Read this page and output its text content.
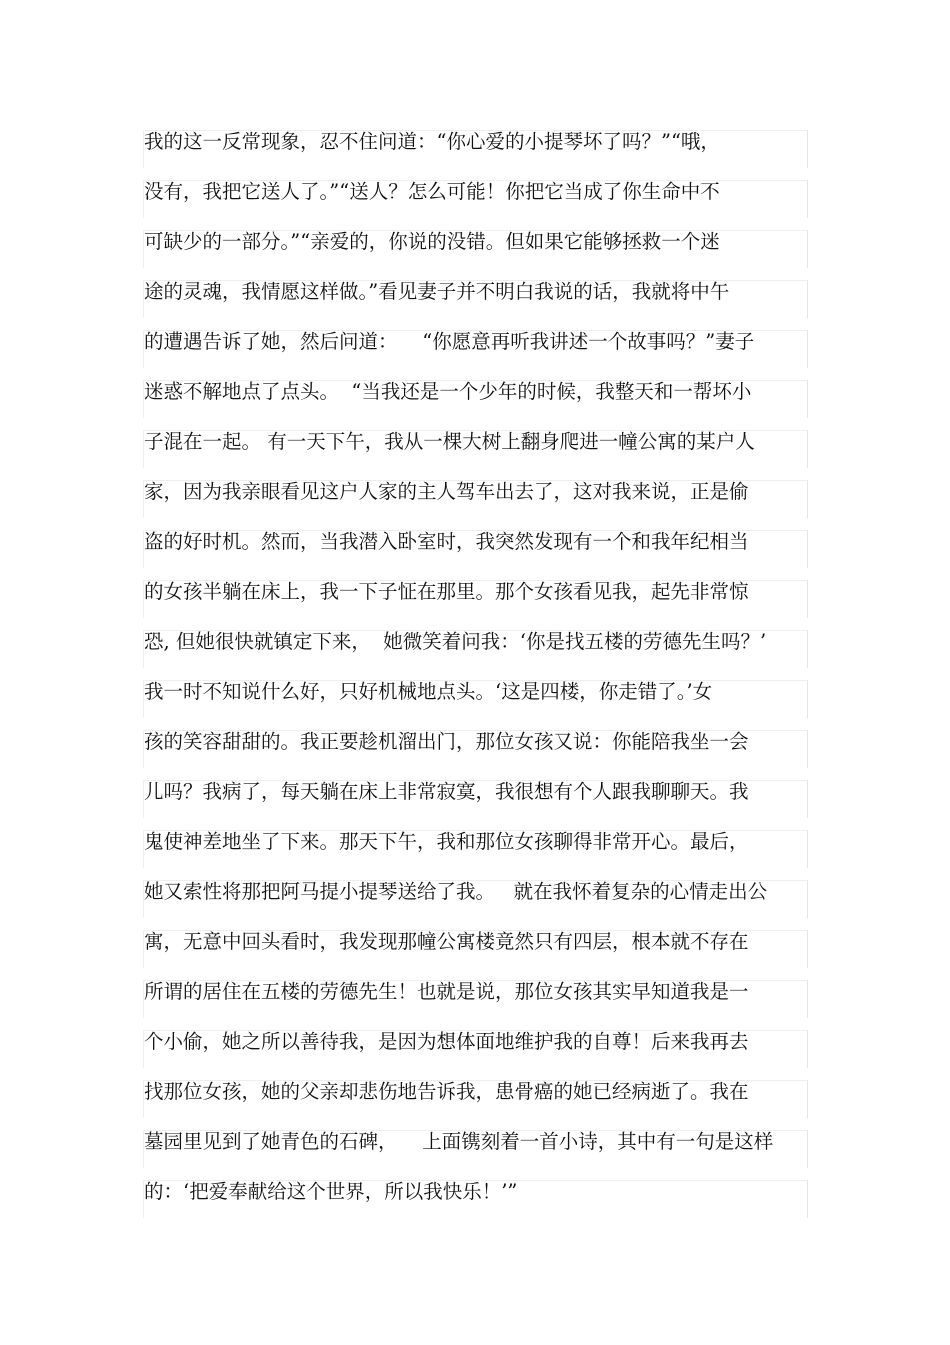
我的这一反常现象，忍不住问道：“你心爱的小提琴坏了吗？”“哦，
没有，我把它送人了。”“送人？怎么可能！你把它当成了你生命中不
可缺少的一部分。”“亲爱的，你说的没错。但如果它能够拯救一个迷
途的灵魂，我情愿这样做。”看见妻子并不明白我说的话，我就将中午
的遭遇告诉了她，然后问道：    “你愿意再听我讲述一个故事吗？”妻子
迷惑不解地点了点头。  “当我还是一个少年的时候，我整天和一帮坏小
子混在一起。 有一天下午，我从一棵大树上翻身爬进一幢公寓的某户人
家，因为我亲眼看见这户人家的主人驾车出去了，这对我来说，正是偷
盗的好时机。然而，当我潜入卧室时，我突然发现有一个和我年纪相当
的女孩半躺在床上，我一下子怔在那里。那个女孩看见我，起先非常惊
恐, 但她很快就镇定下来，  她微笑着问我：‘你是找五楼的劳德先生吗？’
我一时不知说什么好，只好机械地点头。‘这是四楼，你走错了。’女
孩的笑容甜甜的。我正要趁机溜出门，那位女孩又说：你能陪我坐一会
儿吗？我病了，每天躺在床上非常寂寞，我很想有个人跟我聊聊天。我
鬼使神差地坐了下来。那天下午，我和那位女孩聊得非常开心。最后，
她又索性将那把阿马提小提琴送给了我。   就在我怀着复杂的心情走出公
寓，无意中回头看时，我发现那幢公寓楼竟然只有四层，根本就不存在
所谓的居住在五楼的劳德先生！也就是说，那位女孩其实早知道我是一
个小偷，她之所以善待我，是因为想体面地维护我的自尊！后来我再去
找那位女孩，她的父亲却悲伤地告诉我，患骨癌的她已经病逝了。我在
墓园里见到了她青色的石碑，    上面镌刻着一首小诗，其中有一句是这样
的：‘把爱奉献给这个世界，所以我快乐！’”
